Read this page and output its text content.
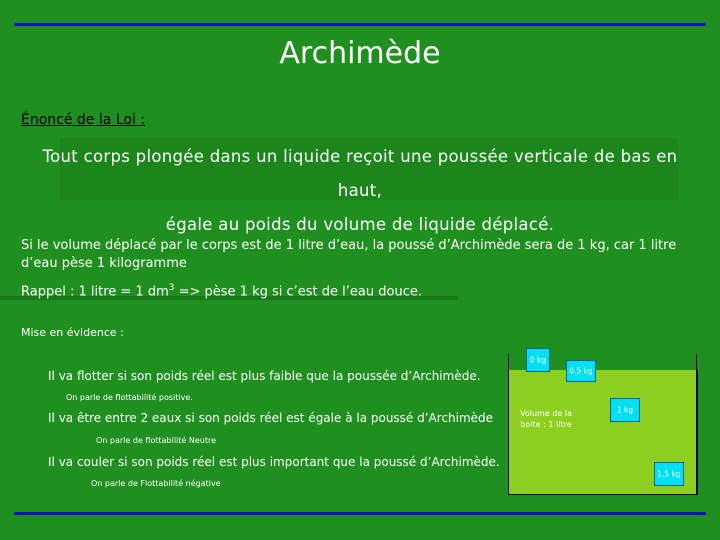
Archimède
Énoncé de la Loi :
Tout corps plongée dans un liquide reçoit une poussée verticale de bas en haut,
égale au poids du volume de liquide déplacé.
Si le volume déplacé par le corps est de 1 litre d’eau, la poussé d’Archimède sera de 1 kg, car 1 litre d’eau pèse 1 kilogramme
Rappel : 1 litre = 1 $dm^3$ => pèse 1 kg si c’est de l’eau douce.
Mise en évidence :
Il va flotter si son poids réel est plus faible que la poussée d’Archimède.
On parle de flottabilité positive.
Il va être entre 2 eaux si son poids réel est égale à la poussé d’Archimède
On parle de flottabilité Neutre
Il va couler si son poids réel est plus important que la poussé d’Archimède.
On parle de Flottabilité négative
Volume de la boite : 1 litre
0 kg
0.5 kg
1 kg
1.5 kg
